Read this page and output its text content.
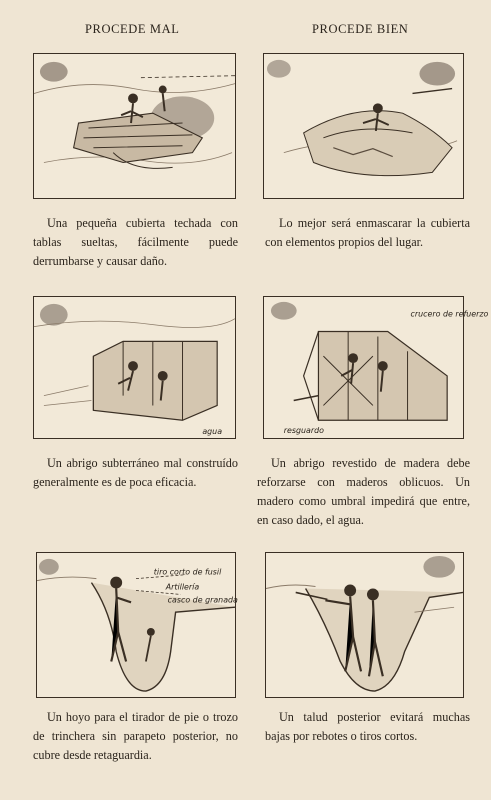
PROCEDE MAL	PROCEDE BIEN
Una pequeña cubierta techada con tablas sueltas, fácilmente puede derrumbarse y causar daño.
Lo mejor será enmascarar la cubierta con elementos propios del lugar.
agua
crucero de refuerzo
resguardo
Un abrigo subterráneo mal construído generalmente es de poca eficacia.
Un abrigo revestido de madera debe reforzarse con maderos oblicuos. Un madero como umbral impedirá que entre, en caso dado, el agua.
tiro corto de fusil
Artillería
casco de granada
Un hoyo para el tirador de pie o trozo de trinchera sin parapeto posterior, no cubre desde retaguardia.
Un talud posterior evitará muchas bajas por rebotes o tiros cortos.
